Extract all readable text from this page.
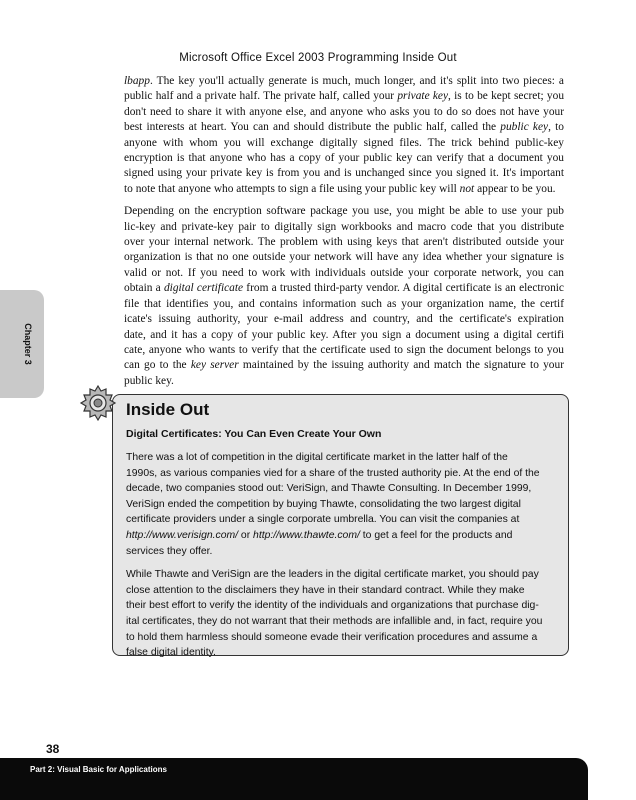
Microsoft Office Excel 2003 Programming Inside Out

lbapp. The key you'll actually generate is much, much longer, and it's split into two pieces: a
public half and a private half. The private half, called your private key, is to be kept secret; you
don't need to share it with anyone else, and anyone who asks you to do so does not have your
best interests at heart. You can and should distribute the public half, called the public key, to
anyone with whom you will exchange digitally signed files. The trick behind public-key
encryption is that anyone who has a copy of your public key can verify that a document you
signed using your private key is from you and is unchanged since you signed it. It's important
to note that anyone who attempts to sign a file using your public key will not appear to be you.

Depending on the encryption software package you use, you might be able to use your pub
lic-key and private-key pair to digitally sign workbooks and macro code that you distribute
over your internal network. The problem with using keys that aren't distributed outside your
organization is that no one outside your network will have any idea whether your signature is
valid or not. If you need to work with individuals outside your corporate network, you can
obtain a digital certificate from a trusted third-party vendor. A digital certificate is an electronic
file that identifies you, and contains information such as your organization name, the certif
icate's issuing authority, your e-mail address and country, and the certificate's expiration
date, and it has a copy of your public key. After you sign a document using a digital certifi
cate, anyone who wants to verify that the certificate used to sign the document belongs to you
can go to the key server maintained by the issuing authority and match the signature to your
public key.

Chapter 3
Inside Out
Digital Certificates: You Can Even Create Your Own

There was a lot of competition in the digital certificate market in the latter half of the
1990s, as various companies vied for a share of the trusted authority pie. At the end of the
decade, two companies stood out: VeriSign, and Thawte Consulting. In December 1999,
VeriSign ended the competition by buying Thawte, consolidating the two largest digital
certificate providers under a single corporate umbrella. You can visit the companies at
http://www.verisign.com/ or http://www.thawte.com/ to get a feel for the products and
services they offer.

While Thawte and VeriSign are the leaders in the digital certificate market, you should pay
close attention to the disclaimers they have in their standard contract. While they make
their best effort to verify the identity of the individuals and organizations that purchase dig-
ital certificates, they do not warrant that their methods are infallible and, in fact, require you
to hold them harmless should someone evade their verification procedures and assume a
false digital identity.

38
Part 2: Visual Basic for Applications
